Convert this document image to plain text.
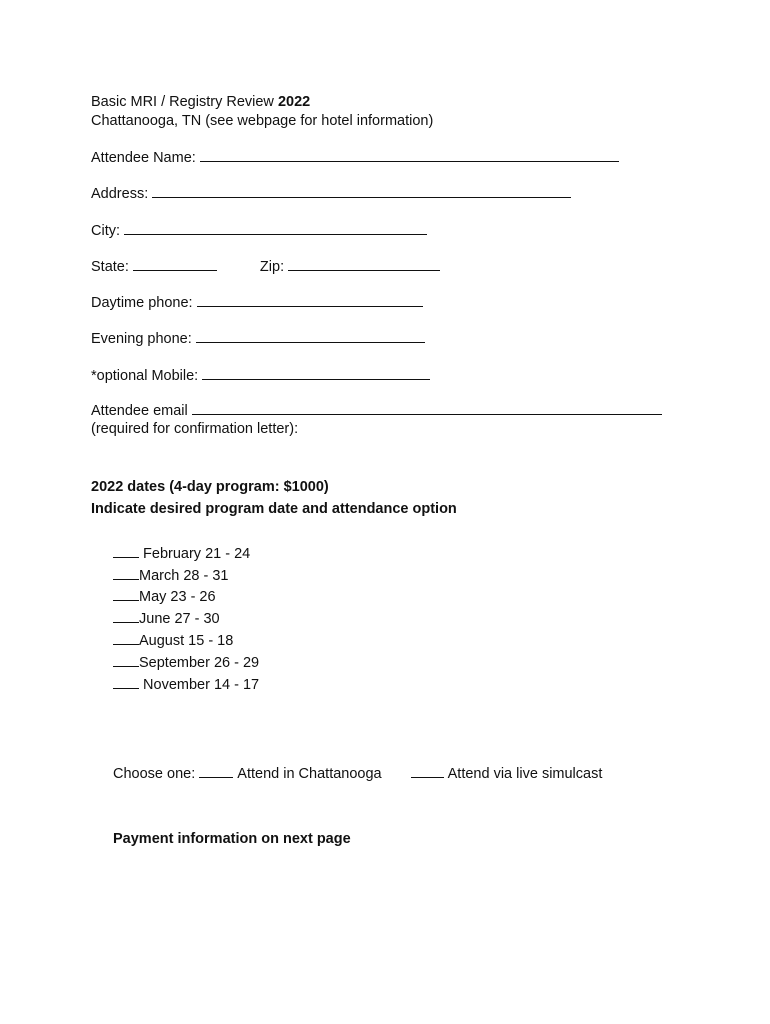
Basic MRI / Registry Review 2022
Chattanooga, TN (see webpage for hotel information)
Attendee Name:
Address:
City:
State:	Zip:
Daytime phone:
Evening phone:
*optional Mobile:
Attendee email
(required for confirmation letter):
2022 dates (4-day program: $1000)
Indicate desired program date and attendance option

February 21 - 24
March 28 - 31
May 23 - 26
June 27 - 30
August 15 - 18
September 26 - 29

November 14 - 17
Choose one:
	Attend in Chattanooga
	Attend via live simulcast
Payment information on next page
